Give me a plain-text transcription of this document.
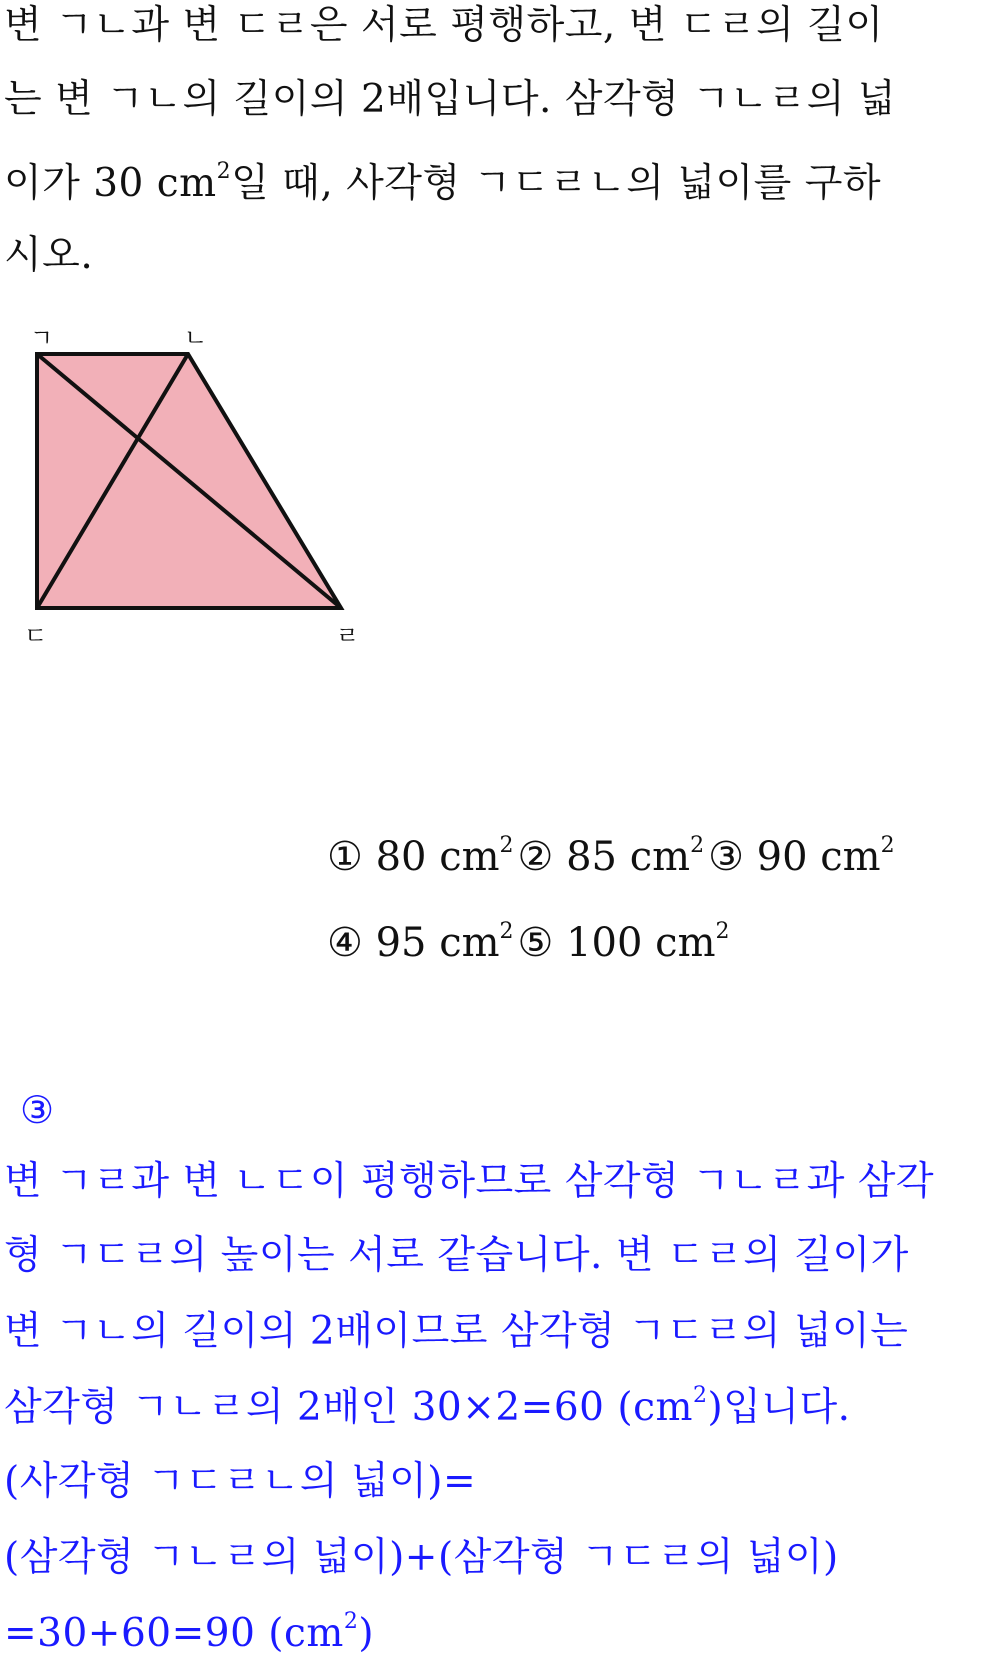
변 ㄱㄴ과 변 ㄷㄹ은 서로 평행하고, 변 ㄷㄹ의 길이
는 변 ㄱㄴ의 길이의 2배입니다. 삼각형 ㄱㄴㄹ의 넓
이가 30 $cm^2$일 때, 사각형 ㄱㄷㄹㄴ의 넓이를 구하
시오.
ㄱ	ㄴ
ㄷ	ㄹ
① 80 $cm^2$ ② 85 $cm^2$ ③ 90 $cm^2$
④ 95 $cm^2$ ⑤ 100 $cm^2$
③
변 ㄱㄹ과 변 ㄴㄷ이 평행하므로 삼각형 ㄱㄴㄹ과 삼각
형 ㄱㄷㄹ의 높이는 서로 같습니다. 변 ㄷㄹ의 길이가
변 ㄱㄴ의 길이의 2배이므로 삼각형 ㄱㄷㄹ의 넓이는
삼각형 ㄱㄴㄹ의 2배인 30×2=60 $(cm^2)$입니다.
(사각형 ㄱㄷㄹㄴ의 넓이)=
(삼각형 ㄱㄴㄹ의 넓이)+(삼각형 ㄱㄷㄹ의 넓이)
=30+60=90 $(cm^2)$
